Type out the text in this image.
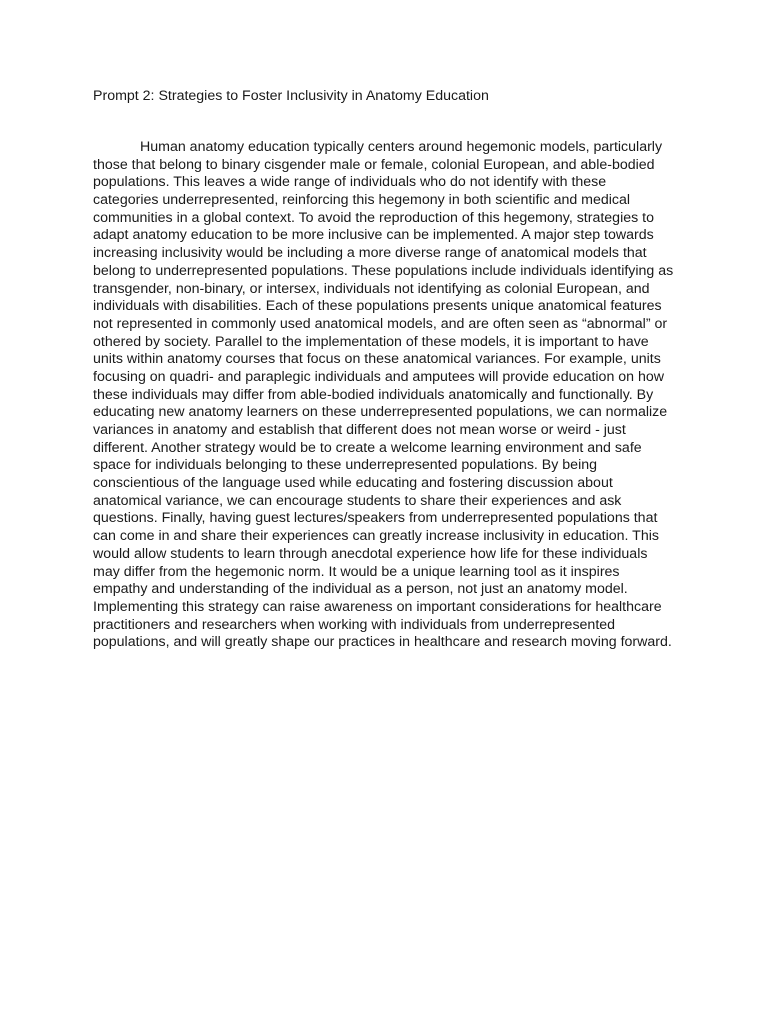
Prompt 2: Strategies to Foster Inclusivity in Anatomy Education
Human anatomy education typically centers around hegemonic models, particularly
those that belong to binary cisgender male or female, colonial European, and able-bodied
populations. This leaves a wide range of individuals who do not identify with these
categories underrepresented, reinforcing this hegemony in both scientific and medical
communities in a global context. To avoid the reproduction of this hegemony, strategies to
adapt anatomy education to be more inclusive can be implemented. A major step towards
increasing inclusivity would be including a more diverse range of anatomical models that
belong to underrepresented populations. These populations include individuals identifying as
transgender, non-binary, or intersex, individuals not identifying as colonial European, and
individuals with disabilities. Each of these populations presents unique anatomical features
not represented in commonly used anatomical models, and are often seen as “abnormal” or
othered by society. Parallel to the implementation of these models, it is important to have
units within anatomy courses that focus on these anatomical variances. For example, units
focusing on quadri- and paraplegic individuals and amputees will provide education on how
these individuals may differ from able-bodied individuals anatomically and functionally. By
educating new anatomy learners on these underrepresented populations, we can normalize
variances in anatomy and establish that different does not mean worse or weird - just
different. Another strategy would be to create a welcome learning environment and safe
space for individuals belonging to these underrepresented populations. By being
conscientious of the language used while educating and fostering discussion about
anatomical variance, we can encourage students to share their experiences and ask
questions. Finally, having guest lectures/speakers from underrepresented populations that
can come in and share their experiences can greatly increase inclusivity in education. This
would allow students to learn through anecdotal experience how life for these individuals
may differ from the hegemonic norm. It would be a unique learning tool as it inspires
empathy and understanding of the individual as a person, not just an anatomy model.
Implementing this strategy can raise awareness on important considerations for healthcare
practitioners and researchers when working with individuals from underrepresented
populations, and will greatly shape our practices in healthcare and research moving forward.
